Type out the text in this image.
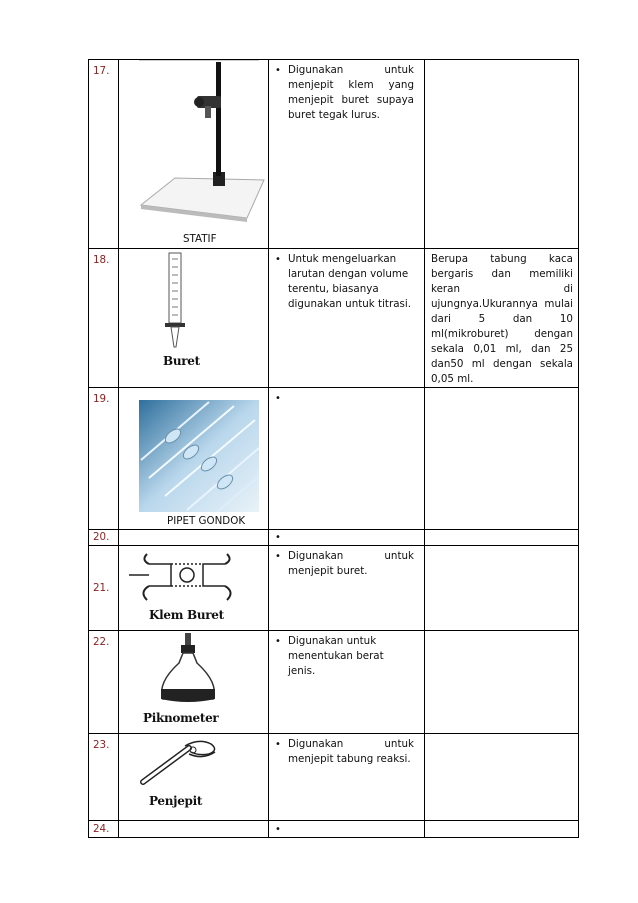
17.	STATIF	• Digunakan untuk menjepit klem yang menjepit buret supaya buret tegak lurus.	

18.	Buret	• Untuk mengeluarkan larutan dengan volume terentu, biasanya digunakan untuk titrasi.	Berupa tabung kaca bergaris dan memiliki keran di ujungnya.Ukurannya mulai dari 5 dan 10 ml(mikroburet) dengan sekala 0,01 ml, dan 25 dan50 ml dengan sekala 0,05 ml.
19.	PIPET GONDOK	•	

20.		•	

21.	Klem Buret	• Digunakan untuk menjepit buret.	

22.	Piknometer	• Digunakan untuk menentukan berat jenis.	

23.	Penjepit	• Digunakan untuk menjepit tabung reaksi.	

24.		•	
